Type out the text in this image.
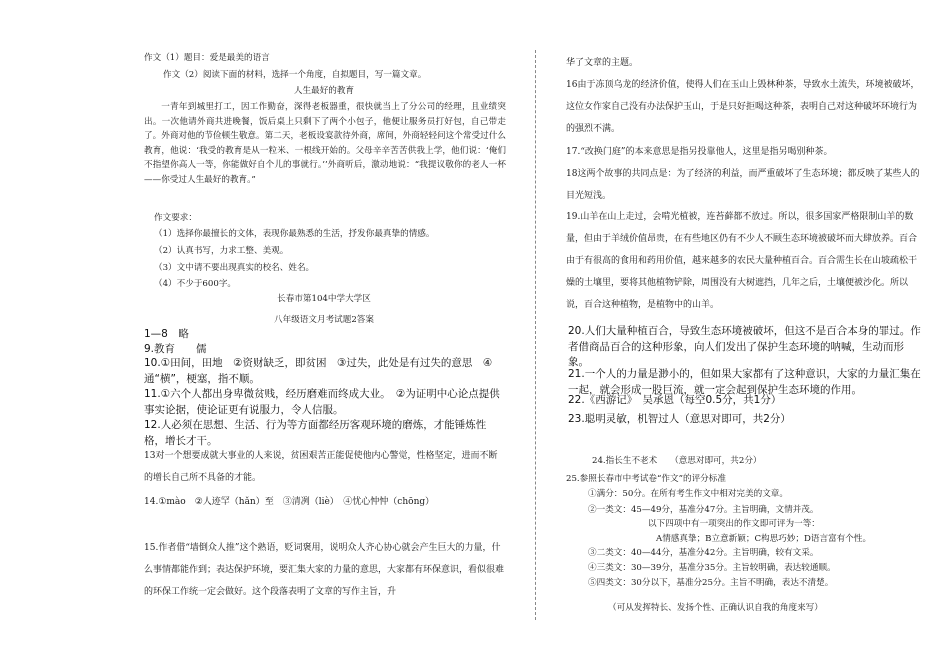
作文（1）题目：爱是最美的语言
作文（2）阅读下面的材料，选择一个角度，自拟题目，写一篇文章。
人生最好的教育
一青年到城里打工，因工作勤奋，深得老板器重，很快就当上了分公司的经理，且业绩突出。一次他请外商共进晚餐，饭后桌上只剩下了两个小包子，他便让服务员打好包，自己带走了。外商对他的节俭顿生敬意。第二天，老板设宴款待外商，席间，外商轻轻问这个常受过什么教育，他说：‘我受的教育是从一粒米、一根线开始的。父母辛辛苦苦供我上学，他们说：‘俺们不指望你高人一等，你能做好自个儿的事就行。’’外商听后，激动地说：“我提议敬你的老人一杯——你受过人生最好的教育。”
作文要求：
（1）选择你最擅长的文体，表现你最熟悉的生活，抒发你最真挚的情感。
（2）认真书写，力求工整、美观。
（3）文中请不要出现真实的校名、姓名。
（4）不少于600字。
长春市第104中学大学区
八年级语文月考试题2答案
1—8　略
9.教育　　儒
10.①田间，田地　②资财缺乏，即贫困　③过失，此处是有过失的意思　④通“横”，梗塞，指不顺。
11.①六个人都出身卑微贫贱，经历磨难而终成大业。　②为证明中心论点提供事实论据，使论证更有说服力，令人信服。
12.人必须在思想、生活、行为等方面都经历客观环境的磨炼，才能锤炼性格，增长才干。
13对一个想要成就大事业的人来说，贫困艰苦正能促使他内心警觉，性格坚定，进而不断的增长自己所不具备的才能。
14.①mào　②人迹罕（hǎn）至　③清冽（liè）　④忧心忡忡（chōng）
15.作者借“墙倒众人推”这个熟语，贬词褒用，说明众人齐心协心就会产生巨大的力量，什么事情都能作到；表达保护环境，要汇集大家的力量的意思，大家都有环保意识，看似很难的环保工作统一定会做好。这个段落表明了文章的写作主旨，升
华了文章的主题。
16由于冻顶乌龙的经济价值，使得人们在玉山上毁林种茶，导致水土流失，环境被破坏，这位女作家自己没有办法保护玉山，于是只好拒喝这种茶，表明自己对这种破坏环境行为的强烈不满。
17.“改换门庭”的本来意思是指另投靠他人，这里是指另喝别种茶。
18这两个故事的共同点是：为了经济的利益，而严重破坏了生态环境；都反映了某些人的目光短浅。
19.山羊在山上走过，会啃光植被，连苔藓都不放过。所以，很多国家严格限制山羊的数量，但由于羊绒价值昂贵，在有些地区仍有不少人不顾生态环境被破坏而大肆放养。百合由于有很高的食用和药用价值，越来越多的农民大量种植百合。百合需生长在山坡疏松干燥的土壤里，要将其他植物铲除，周围没有大树遮挡，几年之后，土壤便被沙化。所以说，百合这种植物，是植物中的山羊。
20.人们大量种植百合，导致生态环境被破坏，但这不是百合本身的罪过。作者借商品百合的这种形象，向人们发出了保护生态环境的呐喊，生动而形象。
21.一个人的力量是渺小的，但如果大家都有了这种意识，大家的力量汇集在一起，就会形成一股巨流，就一定会起到保护生态环境的作用。
22.《西游记》　吴承恩（每空0.5分，共1分）
23.聪明灵敏，机智过人（意思对即可，共2分）
24.指长生不老术　　（意思对即可，共2分）
25.参照长春市中考试卷“作文”的评分标准
①满分：50分。在所有考生作文中相对完美的文章。
②一类文：45—49分，基准分47分。主旨明确，文情并茂。
以下四项中有一项突出的作文即可评为一等：
A情感真挚；B立意新颖；C构思巧妙；D语言富有个性。
③二类文：40—44分，基准分42分。主旨明确，较有文采。
④三类文：30—39分，基准分35分。主旨较明确，表达较通顺。
⑤四类文：30分以下，基准分25分。主旨不明确，表达不清楚。
（可从发挥特长、发扬个性、正确认识自我的角度来写）
